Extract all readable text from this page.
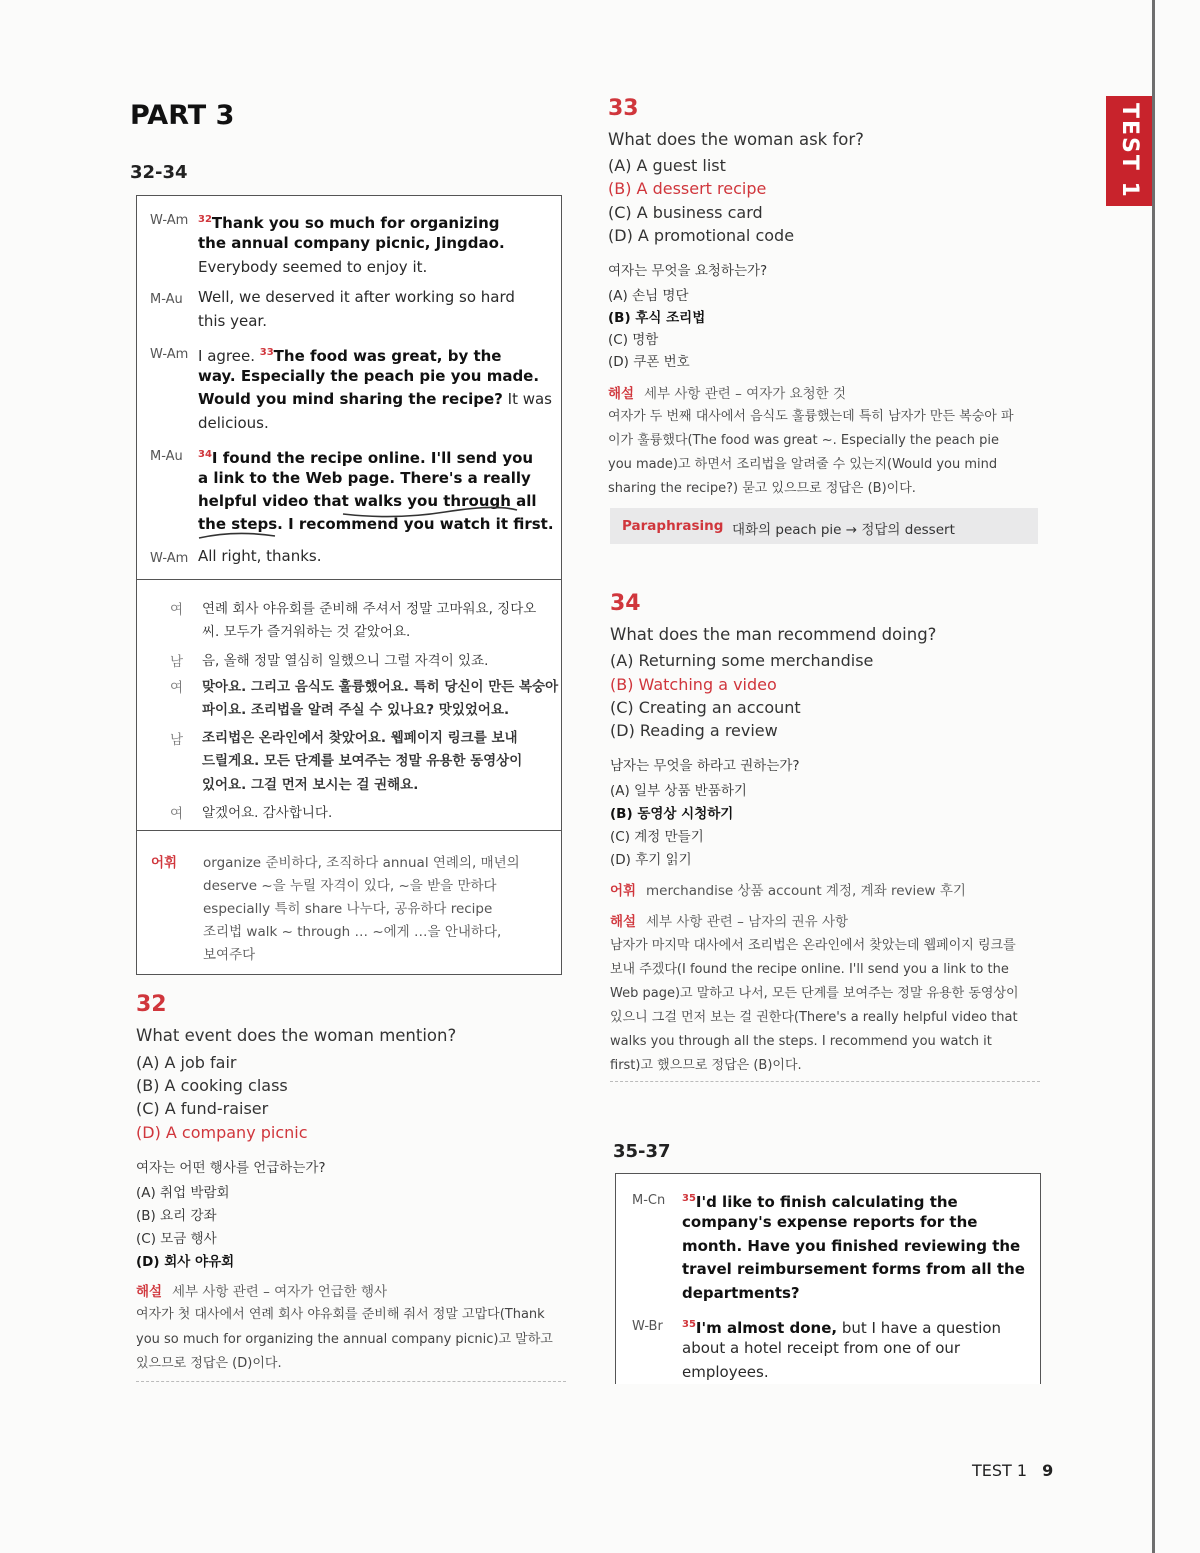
TEST 1
PART 3
32-34
W-Am $^{32}$Thank you so much for organizing
the annual company picnic, Jingdao.
Everybody seemed to enjoy it.
M-Au Well, we deserved it after working so hard
this year.
W-Am I agree. $^{33}$The food was great, by the
way. Especially the peach pie you made.
Would you mind sharing the recipe? It was
delicious.
M-Au $^{34}$I found the recipe online. I'll send you
a link to the Web page. There's a really
helpful video that walks you through all
the steps. I recommend you watch it first.
W-Am All right, thanks.
여 연례 회사 야유회를 준비해 주셔서 정말 고마워요, 징다오
씨. 모두가 즐거워하는 것 같았어요.
남 음, 올해 정말 열심히 일했으니 그럴 자격이 있죠.
여 맞아요. 그리고 음식도 훌륭했어요. 특히 당신이 만든 복숭아
파이요. 조리법을 알려 주실 수 있나요? 맛있었어요.
남 조리법은 온라인에서 찾았어요. 웹페이지 링크를 보내
드릴게요. 모든 단계를 보여주는 정말 유용한 동영상이
있어요. 그걸 먼저 보시는 걸 권해요.
여 알겠어요. 감사합니다.
어휘 organize 준비하다, 조직하다 annual 연례의, 매년의
deserve ~을 누릴 자격이 있다, ~을 받을 만하다
especially 특히 share 나누다, 공유하다 recipe
조리법 walk ~ through … ~에게 …을 안내하다,
보여주다
32
What event does the woman mention?
(A) A job fair
(B) A cooking class
(C) A fund-raiser
(D) A company picnic
여자는 어떤 행사를 언급하는가?
(A) 취업 박람회
(B) 요리 강좌
(C) 모금 행사
(D) 회사 야유회
해설 세부 사항 관련 – 여자가 언급한 행사
여자가 첫 대사에서 연례 회사 야유회를 준비해 줘서 정말 고맙다(Thank
you so much for organizing the annual company picnic)고 말하고
있으므로 정답은 (D)이다.
33
What does the woman ask for?
(A) A guest list
(B) A dessert recipe
(C) A business card
(D) A promotional code
여자는 무엇을 요청하는가?
(A) 손님 명단
(B) 후식 조리법
(C) 명함
(D) 쿠폰 번호
해설 세부 사항 관련 – 여자가 요청한 것
여자가 두 번째 대사에서 음식도 훌륭했는데 특히 남자가 만든 복숭아 파
이가 훌륭했다(The food was great ~. Especially the peach pie
you made)고 하면서 조리법을 알려줄 수 있는지(Would you mind
sharing the recipe?) 묻고 있으므로 정답은 (B)이다.
Paraphrasing 대화의 peach pie → 정답의 dessert
34
What does the man recommend doing?
(A) Returning some merchandise
(B) Watching a video
(C) Creating an account
(D) Reading a review
남자는 무엇을 하라고 권하는가?
(A) 일부 상품 반품하기
(B) 동영상 시청하기
(C) 계정 만들기
(D) 후기 읽기
어휘 merchandise 상품 account 계정, 계좌 review 후기
해설 세부 사항 관련 – 남자의 권유 사항
남자가 마지막 대사에서 조리법은 온라인에서 찾았는데 웹페이지 링크를
보내 주겠다(I found the recipe online. I'll send you a link to the
Web page)고 말하고 나서, 모든 단계를 보여주는 정말 유용한 동영상이
있으니 그걸 먼저 보는 걸 권한다(There's a really helpful video that
walks you through all the steps. I recommend you watch it
first)고 했으므로 정답은 (B)이다.
35-37
M-Cn $^{35}$I'd like to finish calculating the
company's expense reports for the
month. Have you finished reviewing the
travel reimbursement forms from all the
departments?
W-Br $^{35}$I'm almost done, but I have a question
about a hotel receipt from one of our
employees.
TEST 1 9
